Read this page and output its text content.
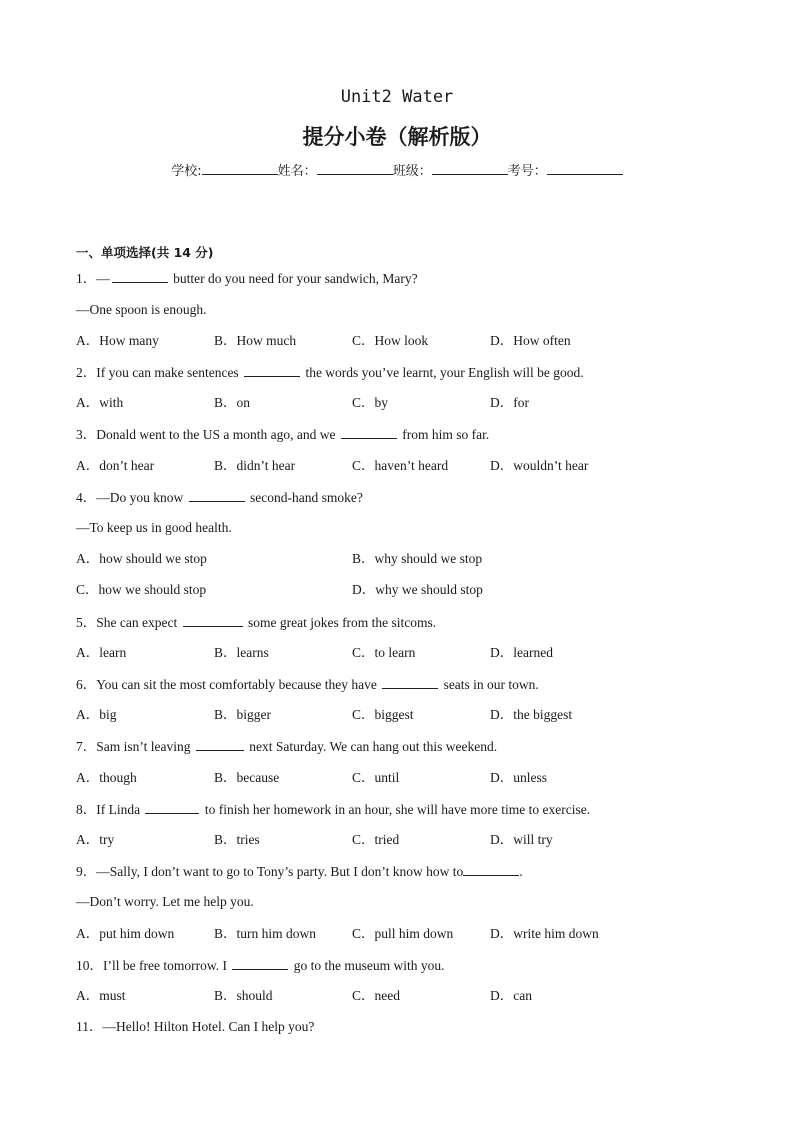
Unit2 Water
提分小卷（解析版）
学校:	姓名：	班级：	考号：
一、单项选择(共 14 分)
1．—	butter do you need for your sandwich, Mary?
—One spoon is enough.
A．How many	B．How much	C．How look	D．How often
2．If you can make sentences	the words you’ve learnt, your English will be good.
A．with	B．on	C．by	D．for
3．Donald went to the US a month ago, and we	from him so far.
A．don’t hear	B．didn’t hear	C．haven’t heard	D．wouldn’t hear
4．—Do you know	second-hand smoke?
—To keep us in good health.
A．how should we stop	B．why should we stop
C．how we should stop	D．why we should stop
5．She can expect	some great jokes from the sitcoms.
A．learn	B．learns	C．to learn	D．learned
6．You can sit the most comfortably because they have	seats in our town.
A．big	B．bigger	C．biggest	D．the biggest
7．Sam isn’t leaving	next Saturday. We can hang out this weekend.
A．though	B．because	C．until	D．unless
8．If Linda	to finish her homework in an hour, she will have more time to exercise.
A．try	B．tries	C．tried	D．will try
9．—Sally, I don’t want to go to Tony’s party. But I don’t know how to	.
—Don’t worry. Let me help you.
A．put him down	B．turn him down	C．pull him down	D．write him down
10．I’ll be free tomorrow. I	go to the museum with you.
A．must	B．should	C．need	D．can
11．—Hello! Hilton Hotel. Can I help you?
